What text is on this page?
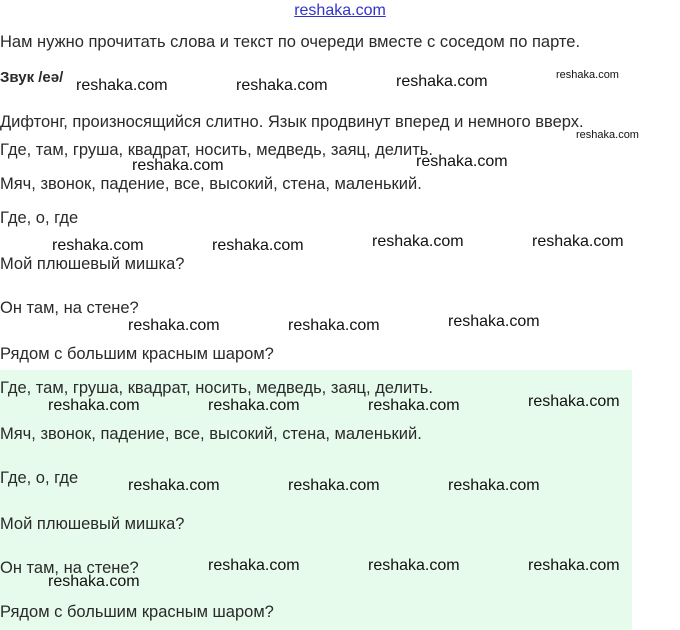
reshaka.com
Нам нужно прочитать слова и текст по очереди вместе с соседом по парте.
Звук /eə/
Дифтонг, произносящийся слитно. Язык продвинут вперед и немного вверх.
Где, там, груша, квадрат, носить, медведь, заяц, делить.
Мяч, звонок, падение, все, высокий, стена, маленький.
Где, о, где
Мой плюшевый мишка?
Он там, на стене?
Рядом с большим красным шаром?
Где, там, груша, квадрат, носить, медведь, заяц, делить.
Мяч, звонок, падение, все, высокий, стена, маленький.
Где, о, где
Мой плюшевый мишка?
Он там, на стене?
Рядом с большим красным шаром?
reshaka.com	reshaka.com	reshaka.com	reshaka.com
reshaka.com
reshaka.com	reshaka.com
reshaka.com	reshaka.com	reshaka.com	reshaka.com
reshaka.com	reshaka.com	reshaka.com
reshaka.com	reshaka.com	reshaka.com	reshaka.com
reshaka.com	reshaka.com	reshaka.com
reshaka.com	reshaka.com	reshaka.com
reshaka.com
